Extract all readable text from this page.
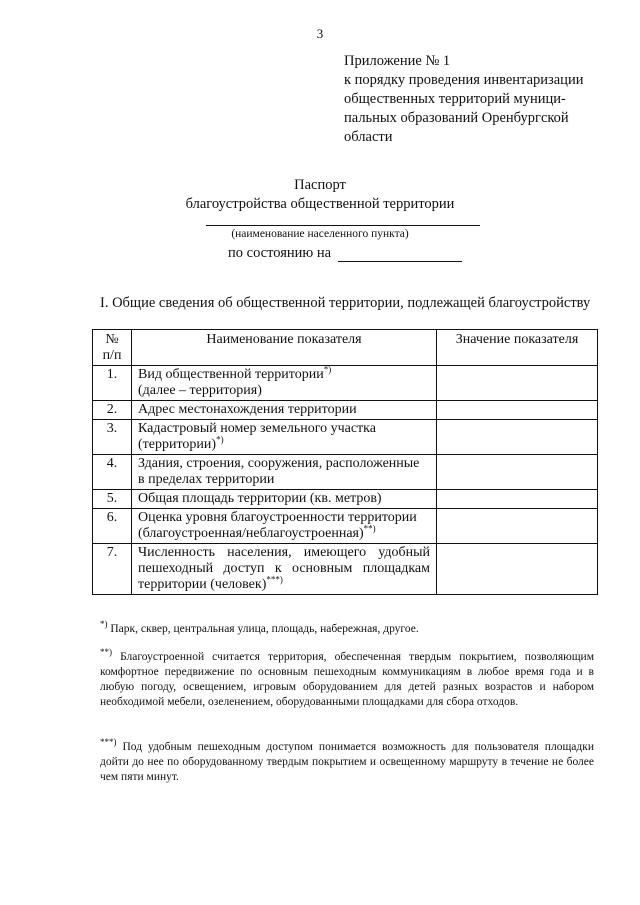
3
Приложение № 1
к порядку проведения инвентаризации
общественных территорий муници-
пальных образований Оренбургской
области
Паспорт
благоустройства общественной территории
(наименование населенного пункта)
по состоянию на
I. Общие сведения об общественной территории, подлежащей благоустройству
№
п/п	Наименование показателя	Значение показателя
1.	Вид общественной территории*)
(далее – территория)	
2.	Адрес местонахождения территории	
3.	Кадастровый номер земельного участка
(территории)*)	
4.	Здания, строения, сооружения, расположенные
в пределах территории	
5.	Общая площадь территории (кв. метров)	
6.	Оценка уровня благоустроенности территории
(благоустроенная/неблагоустроенная)**)	
7.	Численность населения, имеющего удобный
пешеходный доступ к основным площадкам
территории (человек)***)	
*) Парк, сквер, центральная улица, площадь, набережная, другое.
**) Благоустроенной считается территория, обеспеченная твердым покрытием, позволяющим комфортное передвижение по основным пешеходным коммуникациям в любое время года и в любую погоду, освещением, игровым оборудованием для детей разных возрастов и набором необходимой мебели, озеленением, оборудованными площадками для сбора отходов.
***) Под удобным пешеходным доступом понимается возможность для пользователя площадки дойти до нее по оборудованному твердым покрытием и освещенному маршруту в течение не более чем пяти минут.
